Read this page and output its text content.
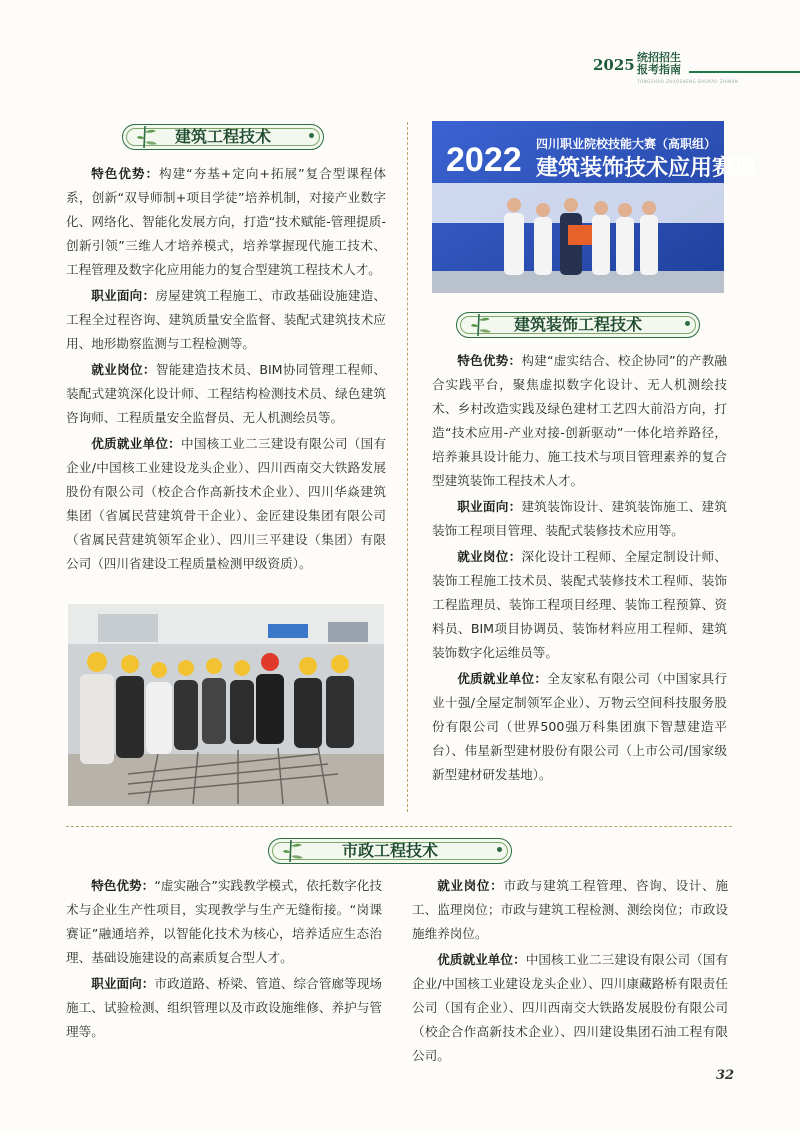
2025 统招招生
报考指南
TONGZHAO ZHAOSHENG BAOKAO ZHINAN
建筑工程技术

特色优势：构建“夯基+定向+拓展”复合型课程体系，创新“双导师制+项目学徒”培养机制，对接产业数字化、网络化、智能化发展方向，打造“技术赋能-管理提质-创新引领”三维人才培养模式，培养掌握现代施工技术、工程管理及数字化应用能力的复合型建筑工程技术人才。

职业面向：房屋建筑工程施工、市政基础设施建造、工程全过程咨询、建筑质量安全监督、装配式建筑技术应用、地形勘察监测与工程检测等。

就业岗位：智能建造技术员、BIM协同管理工程师、装配式建筑深化设计师、工程结构检测技术员、绿色建筑咨询师、工程质量安全监督员、无人机测绘员等。

优质就业单位：中国核工业二三建设有限公司（国有企业/中国核工业建设龙头企业）、四川西南交大铁路发展股份有限公司（校企合作高新技术企业）、四川华焱建筑集团（省属民营建筑骨干企业）、金匠建设集团有限公司（省属民营建筑领军企业）、四川三平建设（集团）有限公司（四川省建设工程质量检测甲级资质）。

四川职业院校技能大赛（高职组）
2022 建筑装饰技术应用赛项
建筑装饰工程技术

特色优势：构建“虚实结合、校企协同”的产教融合实践平台，聚焦虚拟数字化设计、无人机测绘技术、乡村改造实践及绿色建材工艺四大前沿方向，打造“技术应用-产业对接-创新驱动”一体化培养路径，培养兼具设计能力、施工技术与项目管理素养的复合型建筑装饰工程技术人才。

职业面向：建筑装饰设计、建筑装饰施工、建筑装饰工程项目管理、装配式装修技术应用等。

就业岗位：深化设计工程师、全屋定制设计师、装饰工程施工技术员、装配式装修技术工程师、装饰工程监理员、装饰工程项目经理、装饰工程预算、资料员、BIM项目协调员、装饰材料应用工程师、建筑装饰数字化运维员等。

优质就业单位：全友家私有限公司（中国家具行业十强/全屋定制领军企业）、万物云空间科技服务股份有限公司（世界500强万科集团旗下智慧建造平台）、伟星新型建材股份有限公司（上市公司/国家级新型建材研发基地）。

市政工程技术

特色优势：“虚实融合”实践教学模式，依托数字化技术与企业生产性项目，实现教学与生产无缝衔接。“岗课赛证”融通培养，以智能化技术为核心，培养适应生态治理、基础设施建设的高素质复合型人才。

职业面向：市政道路、桥梁、管道、综合管廊等现场施工、试验检测、组织管理以及市政设施维修、养护与管理等。

就业岗位：市政与建筑工程管理、咨询、设计、施工、监理岗位；市政与建筑工程检测、测绘岗位；市政设施维养岗位。

优质就业单位：中国核工业二三建设有限公司（国有企业/中国核工业建设龙头企业）、四川康藏路桥有限责任公司（国有企业）、四川西南交大铁路发展股份有限公司（校企合作高新技术企业）、四川建设集团石油工程有限公司。

32
